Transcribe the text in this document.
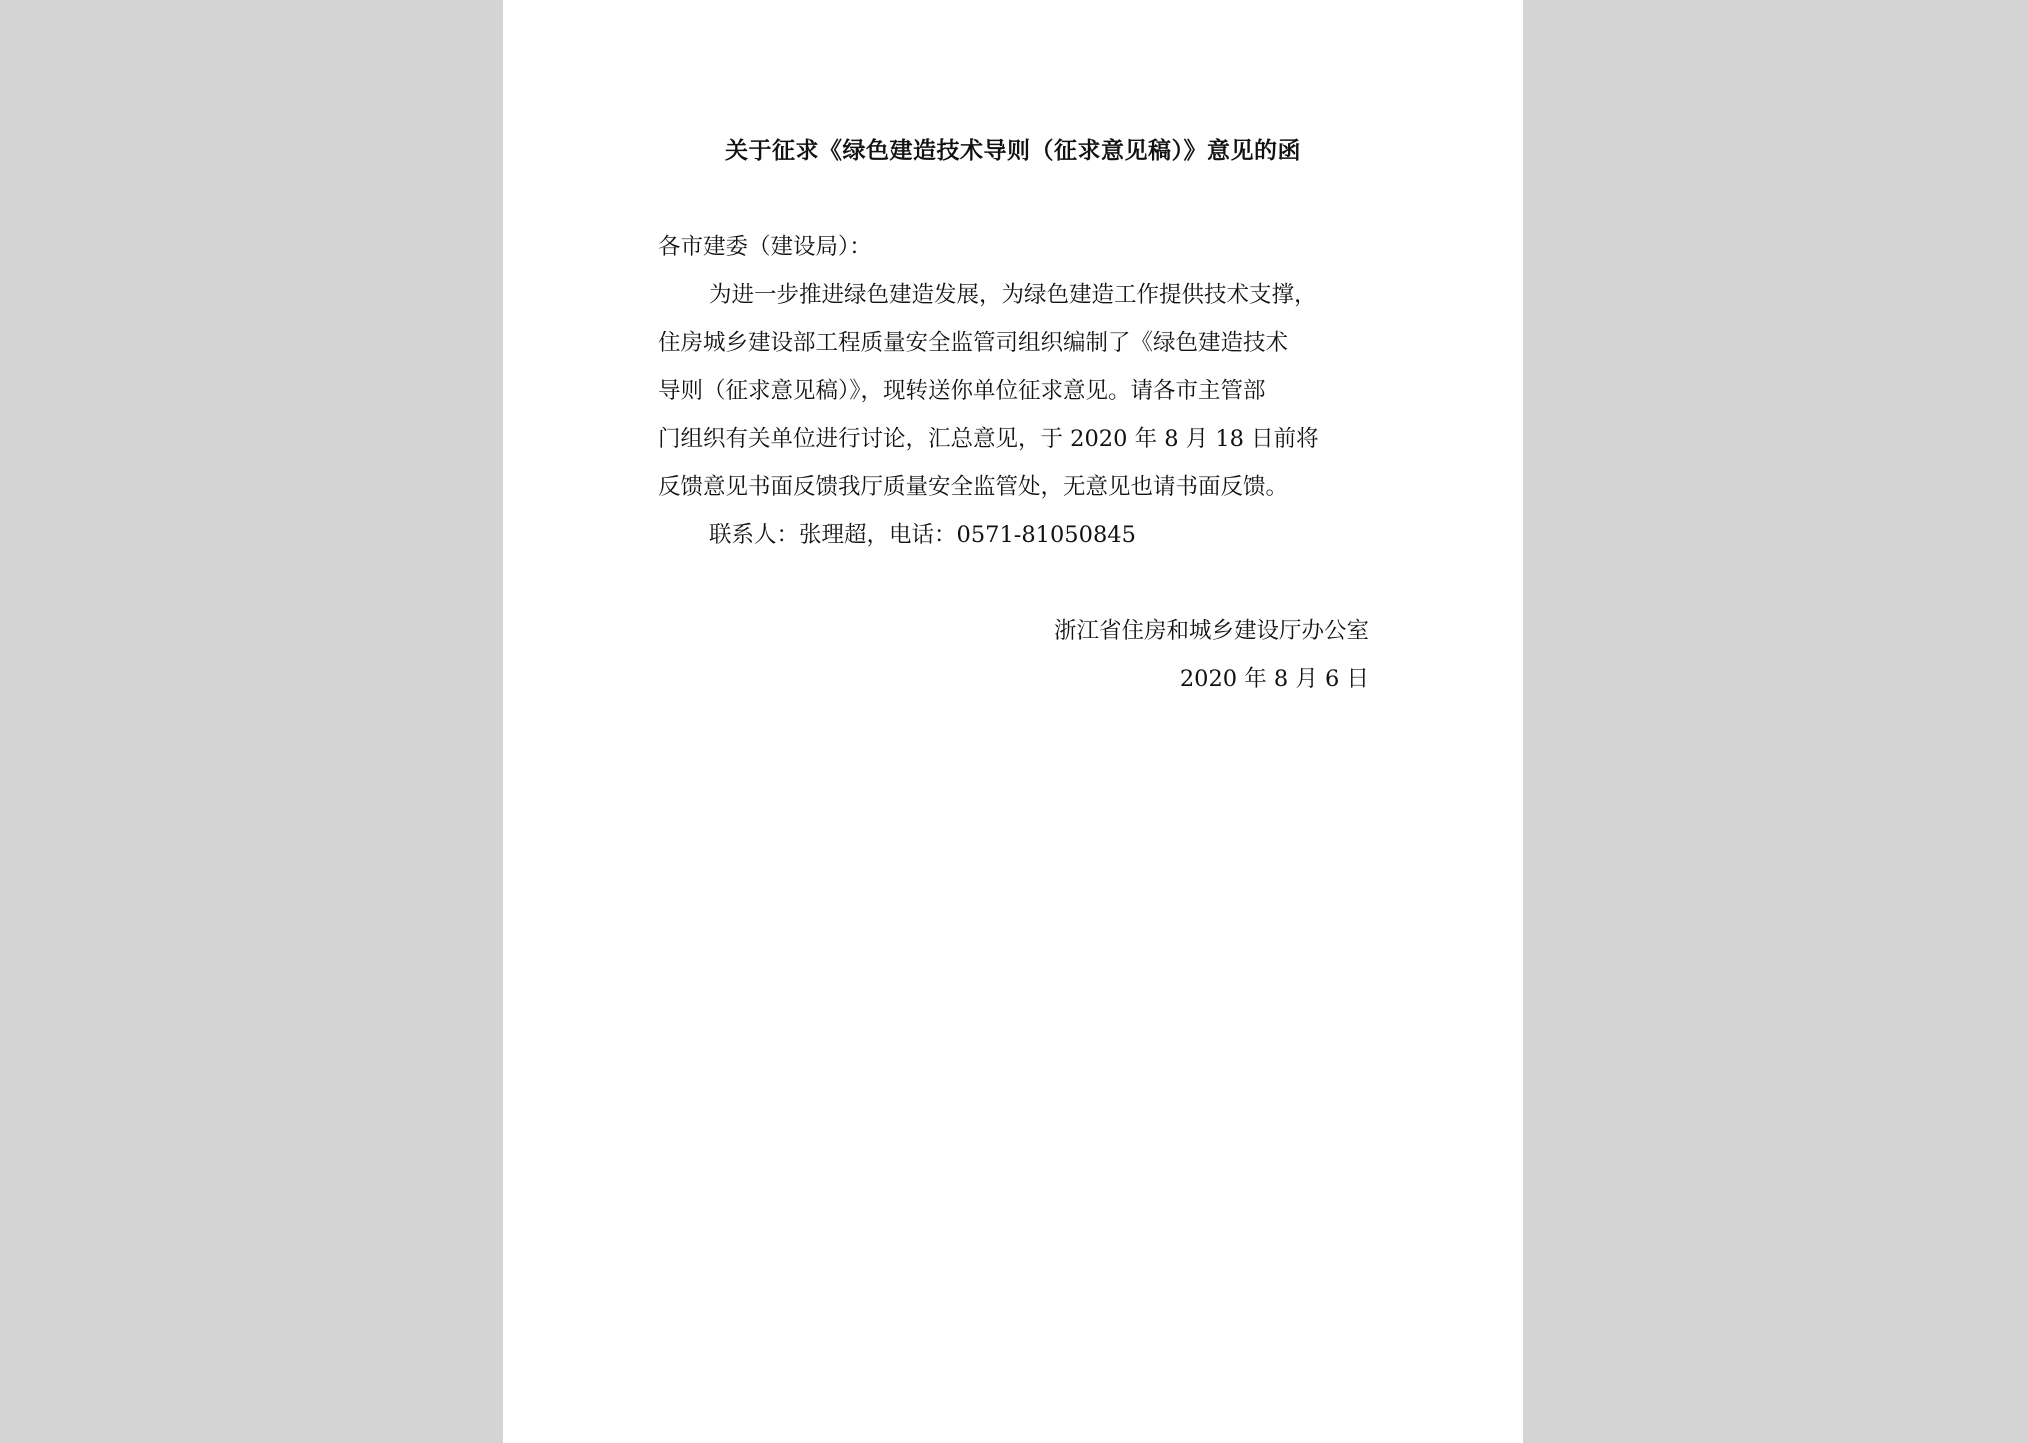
关于征求《绿色建造技术导则（征求意见稿）》意见的函
各市建委（建设局）：
为进一步推进绿色建造发展，为绿色建造工作提供技术支撑，
住房城乡建设部工程质量安全监管司组织编制了《绿色建造技术
导则（征求意见稿）》，现转送你单位征求意见。请各市主管部
门组织有关单位进行讨论，汇总意见，于 2020 年 8 月 18 日前将
反馈意见书面反馈我厅质量安全监管处，无意见也请书面反馈。
联系人：张理超，电话：0571-81050845
浙江省住房和城乡建设厅办公室
2020 年 8 月 6 日
